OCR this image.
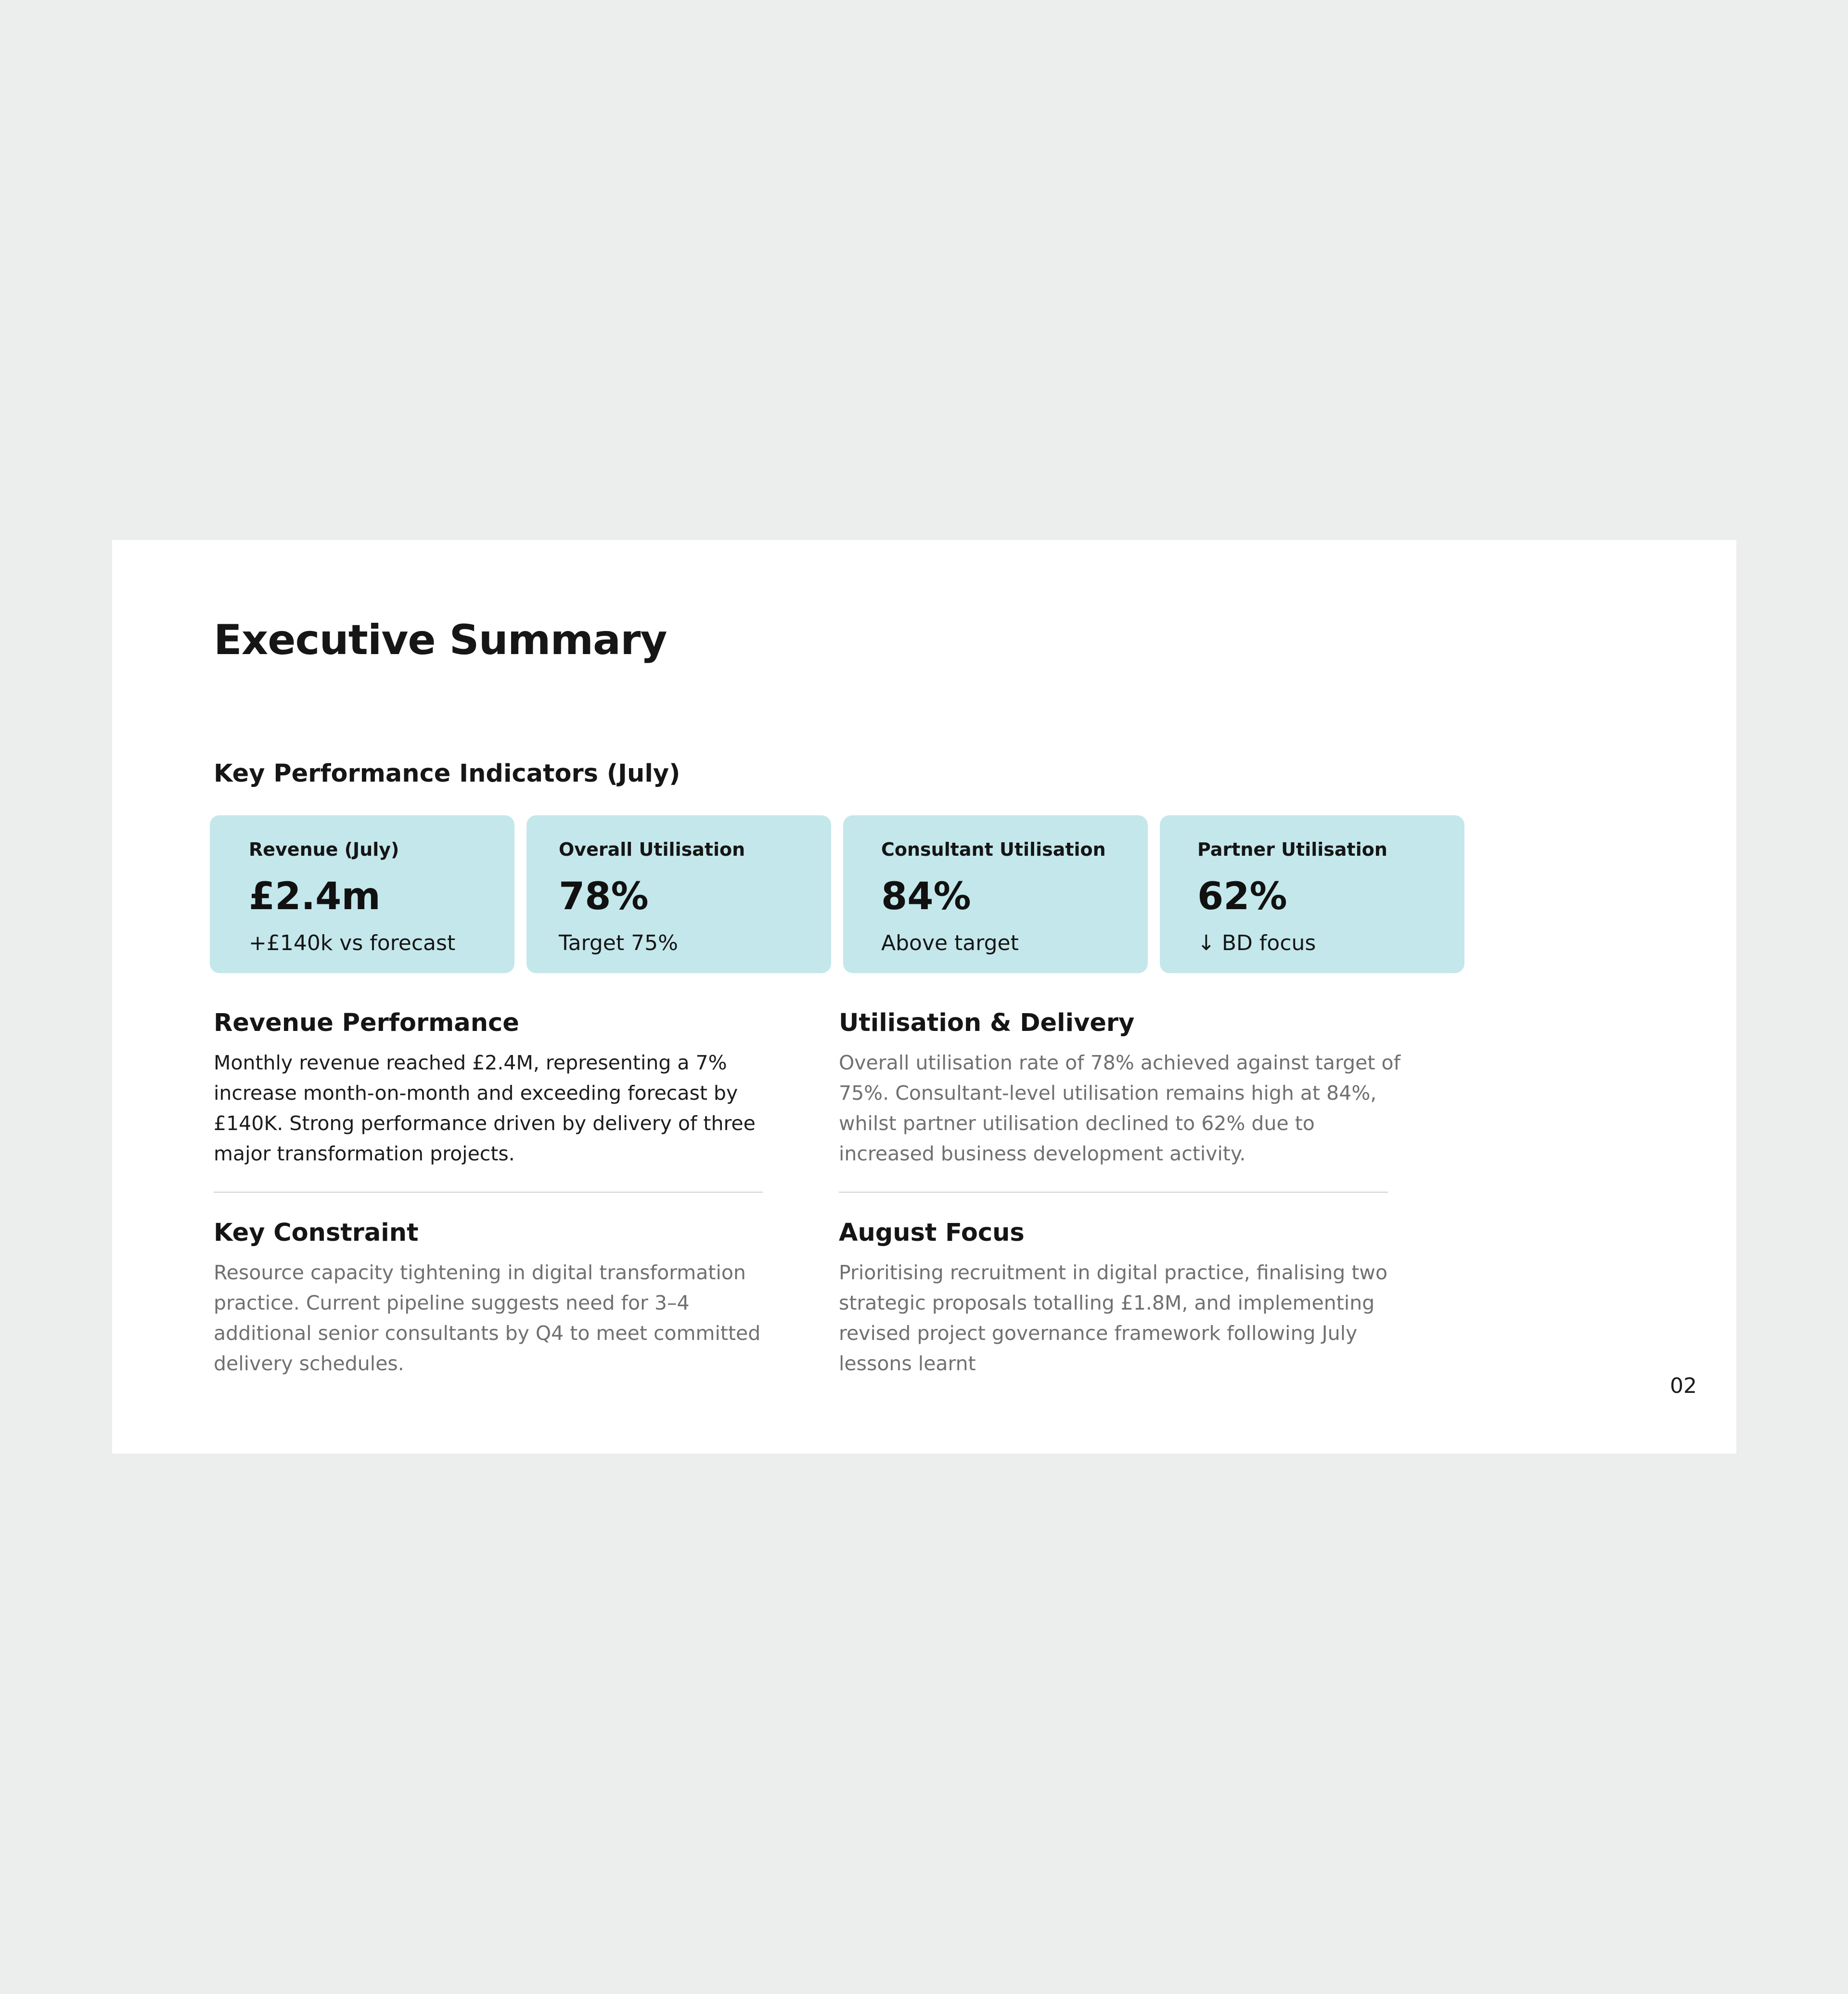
Executive Summary
Key Performance Indicators (July)
Revenue (July)
£2.4m
+£140k vs forecast
Overall Utilisation
78%
Target 75%
Consultant Utilisation
84%
Above target
Partner Utilisation
62%
↓ BD focus
Revenue Performance

Monthly revenue reached £2.4M, representing a 7%
increase month-on-month and exceeding forecast by
£140K. Strong performance driven by delivery of three
major transformation projects.

Utilisation & Delivery

Overall utilisation rate of 78% achieved against target of
75%. Consultant-level utilisation remains high at 84%,
whilst partner utilisation declined to 62% due to
increased business development activity.

Key Constraint

Resource capacity tightening in digital transformation
practice. Current pipeline suggests need for 3–4
additional senior consultants by Q4 to meet committed
delivery schedules.

August Focus

Prioritising recruitment in digital practice, finalising two
strategic proposals totalling £1.8M, and implementing
revised project governance framework following July
lessons learnt

02
